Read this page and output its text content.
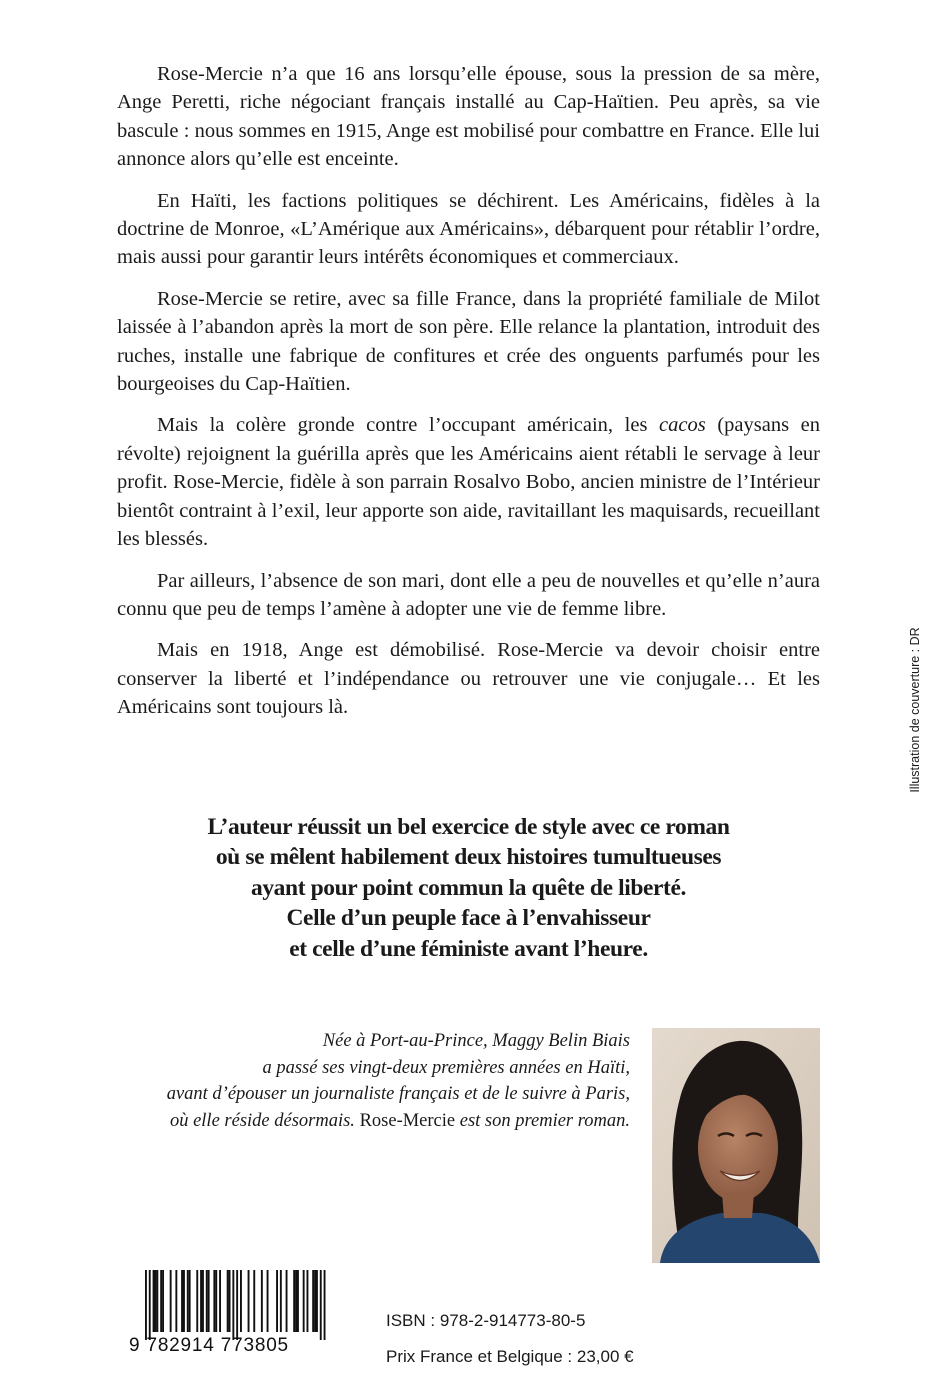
Rose-Mercie n’a que 16 ans lorsqu’elle épouse, sous la pression de sa mère, Ange Peretti, riche négociant français installé au Cap-Haïtien. Peu après, sa vie bascule : nous sommes en 1915, Ange est mobilisé pour combattre en France. Elle lui annonce alors qu’elle est enceinte.

En Haïti, les factions politiques se déchirent. Les Américains, fidèles à la doctrine de Monroe, «L’Amérique aux Américains», débarquent pour rétablir l’ordre, mais aussi pour garantir leurs intérêts économiques et commerciaux.

Rose-Mercie se retire, avec sa fille France, dans la propriété familiale de Milot laissée à l’abandon après la mort de son père. Elle relance la plantation, introduit des ruches, installe une fabrique de confitures et crée des onguents parfumés pour les bourgeoises du Cap-Haïtien.

Mais la colère gronde contre l’occupant américain, les cacos (paysans en révolte) rejoignent la guérilla après que les Américains aient rétabli le servage à leur profit. Rose-Mercie, fidèle à son parrain Rosalvo Bobo, ancien ministre de l’Intérieur bientôt contraint à l’exil, leur apporte son aide, ravitaillant les maquisards, recueillant les blessés.

Par ailleurs, l’absence de son mari, dont elle a peu de nouvelles et qu’elle n’aura connu que peu de temps l’amène à adopter une vie de femme libre.

Mais en 1918, Ange est démobilisé. Rose-Mercie va devoir choisir entre conserver la liberté et l’indépendance ou retrouver une vie conjugale… Et les Américains sont toujours là.	Illustration de couverture : DR
L’auteur réussit un bel exercice de style avec ce roman
où se mêlent habilement deux histoires tumultueuses
ayant pour point commun la quête de liberté.
Celle d’un peuple face à l’envahisseur
et celle d’une féministe avant l’heure.
Née à Port-au-Prince, Maggy Belin Biais
a passé ses vingt-deux premières années en Haïti,
avant d’épouser un journaliste français et de le suivre à Paris,
où elle réside désormais. Rose-Mercie est son premier roman.
9 782914 773805
ISBN : 978-2-914773-80-5
Prix France et Belgique : 23,00 €
